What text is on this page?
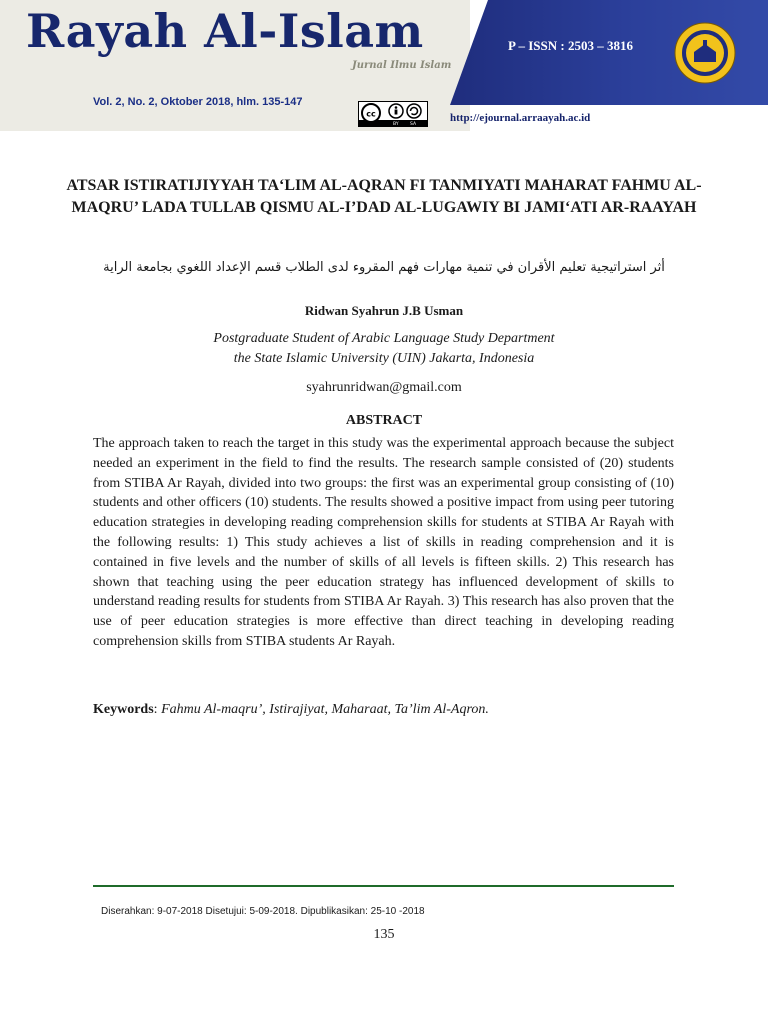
Rayah Al-Islam
Jurnal Ilmu Islam
Vol. 2, No. 2, Oktober 2018, hlm. 135-147
cc
BY	SA
P – ISSN : 2503 – 3816
http://ejournal.arraayah.ac.id
ATSAR ISTIRATIJIYYAH TA‘LIM AL-AQRAN FI TANMIYATI MAHARAT FAHMU AL-MAQRU’ LADA TULLAB QISMU AL-I’DAD AL-LUGAWIY BI JAMI‘ATI AR-RAAYAH
أثر استراتيجية تعليم الأقران في تنمية مهارات فهم المقروء لدى الطلاب قسم الإعداد اللغوي بجامعة الراية
Ridwan Syahrun J.B Usman
Postgraduate Student of Arabic Language Study Department
the State Islamic University (UIN) Jakarta, Indonesia
syahrunridwan@gmail.com
ABSTRACT

The approach taken to reach the target in this study was the experimental approach because the subject needed an experiment in the field to find the results. The research sample consisted of (20) students from STIBA Ar Rayah, divided into two groups: the first was an experimental group consisting of (10) students and other officers (10) students. The results showed a positive impact from using peer tutoring education strategies in developing reading comprehension skills for students at STIBA Ar Rayah with the following results: 1) This study achieves a list of skills in reading comprehension and it is contained in five levels and the number of skills of all levels is fifteen skills. 2) This research has shown that teaching using the peer education strategy has influenced development of skills to understand reading results for students from STIBA Ar Rayah. 3) This research has also proven that the use of peer education strategies is more effective than direct teaching in developing reading comprehension skills from STIBA students Ar Rayah.

Keywords: Fahmu Al-maqru’, Istirajiyat, Maharaat, Ta’lim Al-Aqron.
Diserahkan: 9-07-2018 Disetujui: 5-09-2018. Dipublikasikan: 25-10 -2018
135
